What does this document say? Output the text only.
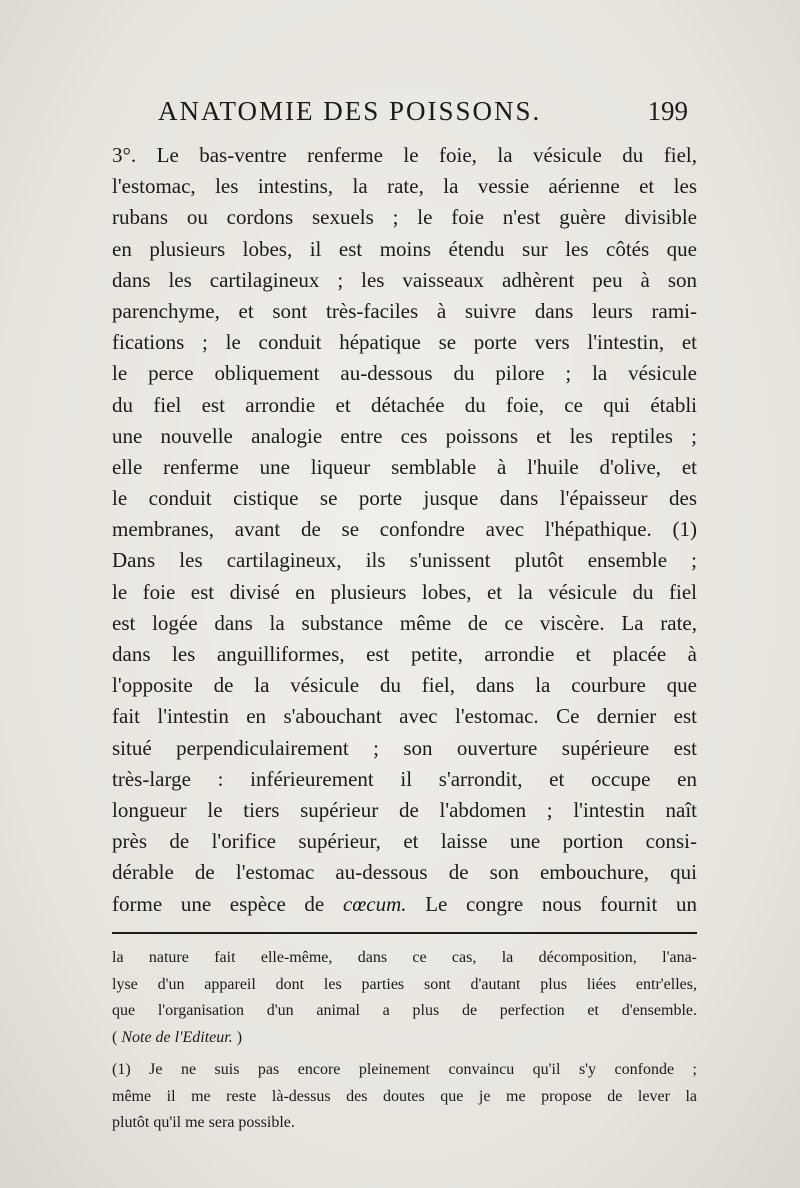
ANATOMIE DES POISSONS.	199
3°. Le bas-ventre renferme le foie, la vésicule du fiel,
l'estomac, les intestins, la rate, la vessie aérienne et les
rubans ou cordons sexuels ; le foie n'est guère divisible
en plusieurs lobes, il est moins étendu sur les côtés que
dans les cartilagineux ; les vaisseaux adhèrent peu à son
parenchyme, et sont très-faciles à suivre dans leurs rami-
fications ; le conduit hépatique se porte vers l'intestin, et
le perce obliquement au-dessous du pilore ; la vésicule
du fiel est arrondie et détachée du foie, ce qui établi
une nouvelle analogie entre ces poissons et les reptiles ;
elle renferme une liqueur semblable à l'huile d'olive, et
le conduit cistique se porte jusque dans l'épaisseur des
membranes, avant de se confondre avec l'hépathique. (1)
Dans les cartilagineux, ils s'unissent plutôt ensemble ;
le foie est divisé en plusieurs lobes, et la vésicule du fiel
est logée dans la substance même de ce viscère. La rate,
dans les anguilliformes, est petite, arrondie et placée à
l'opposite de la vésicule du fiel, dans la courbure que
fait l'intestin en s'abouchant avec l'estomac. Ce dernier est
situé perpendiculairement ; son ouverture supérieure est
très-large : inférieurement il s'arrondit, et occupe en
longueur le tiers supérieur de l'abdomen ; l'intestin naît
près de l'orifice supérieur, et laisse une portion consi-
dérable de l'estomac au-dessous de son embouchure, qui
forme une espèce de cœcum. Le congre nous fournit un
la nature fait elle-même, dans ce cas, la décomposition, l'ana-
lyse d'un appareil dont les parties sont d'autant plus liées entr'elles,
que l'organisation d'un animal a plus de perfection et d'ensemble.
( Note de l'Editeur. )
(1) Je ne suis pas encore pleinement convaincu qu'il s'y confonde ;
même il me reste là-dessus des doutes que je me propose de lever la
plutôt qu'il me sera possible.
